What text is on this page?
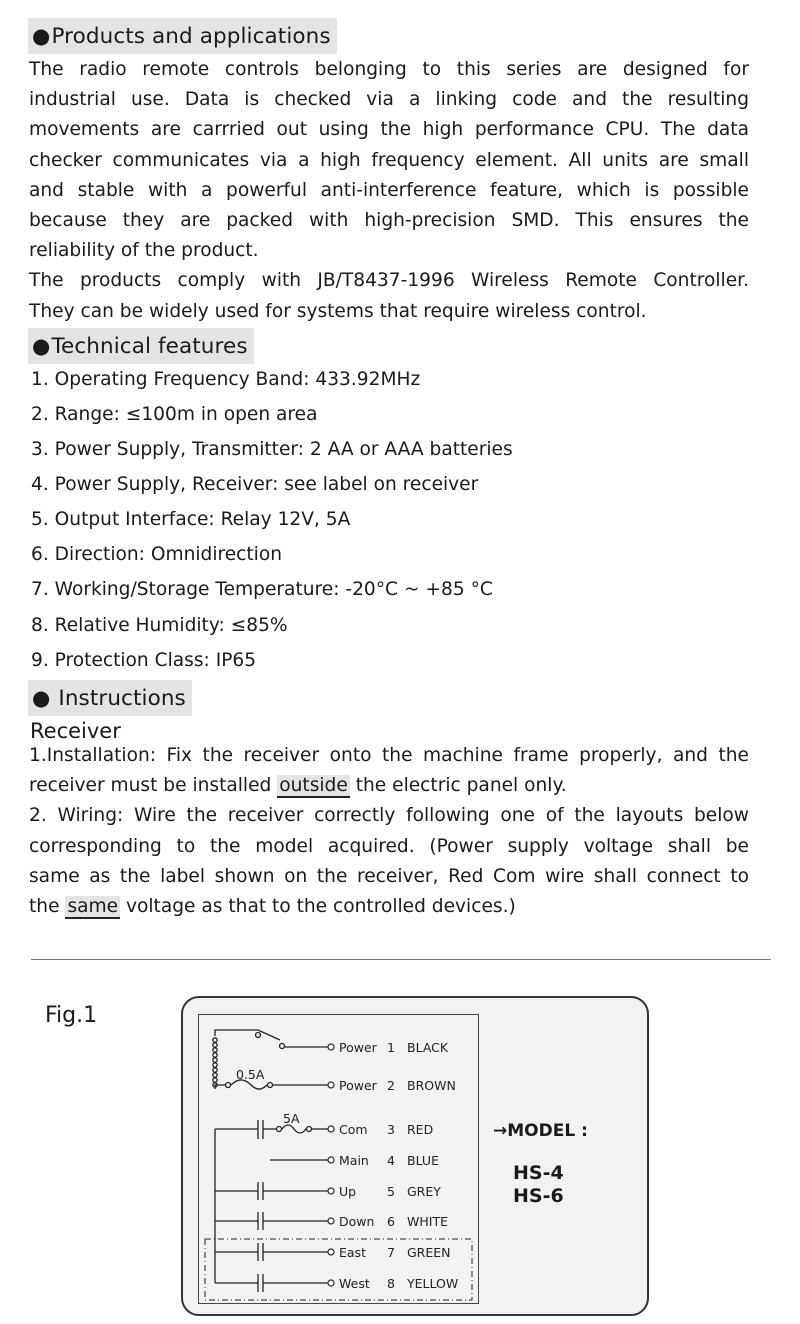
●Products and applications

The radio remote controls belonging to this series are designed for

industrial use. Data is checked via a linking code and the resulting

movements are carrried out using the high performance CPU. The data

checker communicates via a high frequency element. All units are small

and stable with a powerful anti-interference feature, which is possible

because they are packed with high-precision SMD. This ensures the

reliability of the product.

The products comply with JB/T8437-1996 Wireless Remote Controller.

They can be widely used for systems that require wireless control.

●Technical features
1. Operating Frequency Band: 433.92MHz
2. Range: ≤100m in open area
3. Power Supply, Transmitter: 2 AA or AAA batteries
4. Power Supply, Receiver: see label on receiver
5. Output Interface: Relay 12V, 5A
6. Direction: Omnidirection
7. Working/Storage Temperature: -20°C ~ +85 °C
8. Relative Humidity: ≤85%
9. Protection Class: IP65
● Instructions
Receiver

1.Installation: Fix the receiver onto the machine frame properly, and the

receiver must be installed outside the electric panel only.

2. Wiring: Wire the receiver correctly following one of the layouts below

corresponding to the model acquired. (Power supply voltage shall be

same as the label shown on the receiver, Red Com wire shall connect to

the same voltage as that to the controlled devices.)

Fig.1
0.5A
5A
Power 1 BLACK
Power 2 BROWN
Com 3 RED
Main 4 BLUE
Up 5 GREY
Down 6 WHITE
East 7 GREEN
West 8 YELLOW
→MODEL :
HS-4
HS-6
